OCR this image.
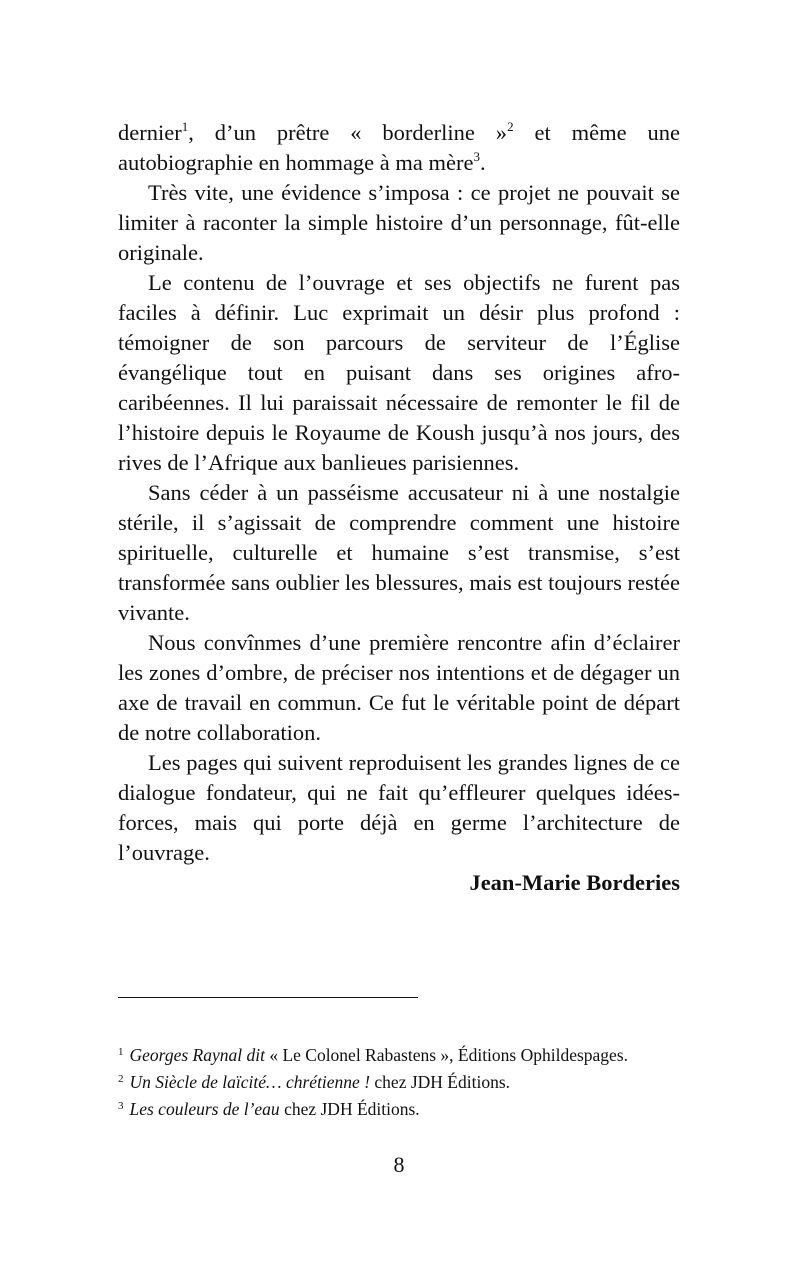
dernier$^1$, d’un prêtre « borderline »$^2$ et même une autobiographie en hommage à ma mère$^3$.

Très vite, une évidence s’imposa : ce projet ne pouvait se limiter à raconter la simple histoire d’un personnage, fût-elle originale.

Le contenu de l’ouvrage et ses objectifs ne furent pas faciles à définir. Luc exprimait un désir plus profond : témoigner de son parcours de serviteur de l’Église évangélique tout en puisant dans ses origines afro-caribéennes. Il lui paraissait nécessaire de remonter le fil de l’histoire depuis le Royaume de Koush jusqu’à nos jours, des rives de l’Afrique aux banlieues parisiennes.

Sans céder à un passéisme accusateur ni à une nostalgie stérile, il s’agissait de comprendre comment une histoire spirituelle, culturelle et humaine s’est transmise, s’est transformée sans oublier les blessures, mais est toujours restée vivante.

Nous convînmes d’une première rencontre afin d’éclairer les zones d’ombre, de préciser nos intentions et de dégager un axe de travail en commun. Ce fut le véritable point de départ de notre collaboration.

Les pages qui suivent reproduisent les grandes lignes de ce dialogue fondateur, qui ne fait qu’effleurer quelques idées-forces, mais qui porte déjà en germe l’architecture de l’ouvrage.

Jean-Marie Borderies

$^1$ Georges Raynal dit « Le Colonel Rabastens », Éditions Ophildespages.
$^2$ Un Siècle de laïcité… chrétienne ! chez JDH Éditions.
$^3$ Les couleurs de l’eau chez JDH Éditions.
8
